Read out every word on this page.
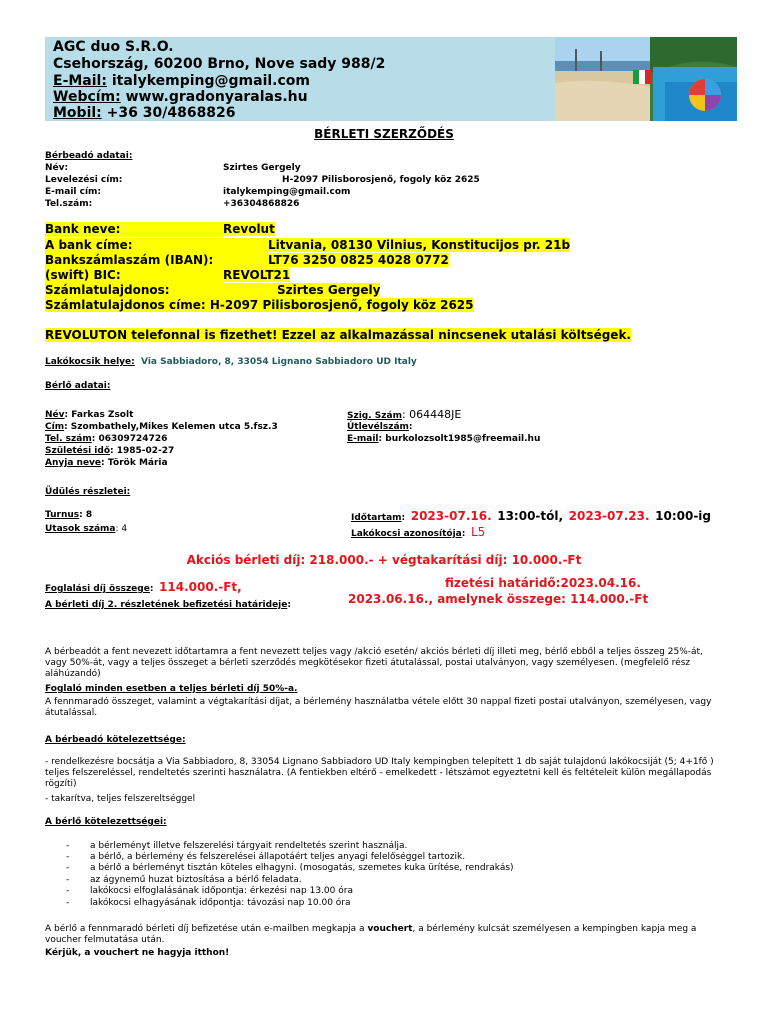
AGC duo S.R.O.
Csehország, 60200 Brno, Nove sady 988/2
E-Mail: italykemping@gmail.com
Webcím: www.gradonyaralas.hu
Mobil: +36 30/4868826
BÉRLETI SZERZŐDÉS
Bérbeadó adatai:
Név:	Szirtes Gergely
Levelezési cím:	H-2097 Pilisborosjenő, fogoly köz 2625
E-mail cím:	italykemping@gmail.com
Tel.szám:	+36304868826
Bank neve:	Revolut
A bank címe:	Litvania, 08130 Vilnius, Konstitucijos pr. 21b
Bankszámlaszám (IBAN):	LT76 3250 0825 4028 0772
(swift) BIC:	REVOLT21
Számlatulajdonos:	Szirtes Gergely
Számlatulajdonos címe: H-2097 Pilisborosjenő, fogoly köz 2625
REVOLUTON telefonnal is fizethet! Ezzel az alkalmazással nincsenek utalási költségek.
Lakókocsik helye: Via Sabbiadoro, 8, 33054 Lignano Sabbiadoro UD Italy
Bérlő adatai:
Név: Farkas Zsolt
Cím: Szombathely,Mikes Kelemen utca 5.fsz.3
Tel. szám: 06309724726
Születési idő: 1985-02-27
Anyja neve: Török Mária
Szig. Szám: 064448JE
Útlevélszám:
E-mail: burkolozsolt1985@freemail.hu
Üdülés részletei:
Turnus: 8
Utasok száma: 4
Időtartam: 2023-07.16. 13:00-tól, 2023-07.23. 10:00-ig
Lakókocsi azonosítója: L5
Akciós bérleti díj: 218.000.- + végtakarítási díj: 10.000.-Ft
Foglalási díj összege: 114.000.-Ft,	fizetési határidő:2023.04.16.
A bérleti díj 2. részletének befizetési határideje:	2023.06.16., amelynek összege: 114.000.-Ft
A bérbeadót a fent nevezett időtartamra a fent nevezett teljes vagy /akció esetén/ akciós bérleti díj illeti meg, bérlő ebből a teljes összeg 25%-át, vagy 50%-át, vagy a teljes összeget a bérleti szerződés megkötésekor fizeti átutalással, postai utalványon, vagy személyesen. (megfelelő rész aláhúzandó)
Foglaló minden esetben a teljes bérleti díj 50%-a.
A fennmaradó összeget, valamint a végtakarítási díjat, a bérlemény használatba vétele előtt 30 nappal fizeti postai utalványon, személyesen, vagy átutalással.
A bérbeadó kötelezettsége:
- rendelkezésre bocsátja a Via Sabbiadoro, 8, 33054 Lignano Sabbiadoro UD Italy kempingben telepített 1 db saját tulajdonú lakókocsiját (5; 4+1fő ) teljes felszereléssel, rendeltetés szerinti használatra. (A fentiekben eltérő - emelkedett - létszámot egyeztetni kell és feltételeit külön megállapodás rögzíti)
- takarítva, teljes felszereltséggel
A bérlő kötelezettségei:
- a bérleményt illetve felszerelési tárgyait rendeltetés szerint használja.
- a bérlő, a bérlemény és felszerelései állapotáért teljes anyagi felelőséggel tartozik.
- a bérlő a bérleményt tisztán köteles elhagyni. (mosogatás, szemetes kuka ürítése, rendrakás)
- az ágynemű huzat biztosítása a bérlő feladata.
- lakókocsi elfoglalásának időpontja: érkezési nap 13.00 óra
- lakókocsi elhagyásának időpontja: távozási nap 10.00 óra
A bérlő a fennmaradó bérleti díj befizetése után e-mailben megkapja a vouchert, a bérlemény kulcsát személyesen a kempingben kapja meg a voucher felmutatása után.
Kérjük, a vouchert ne hagyja itthon!
